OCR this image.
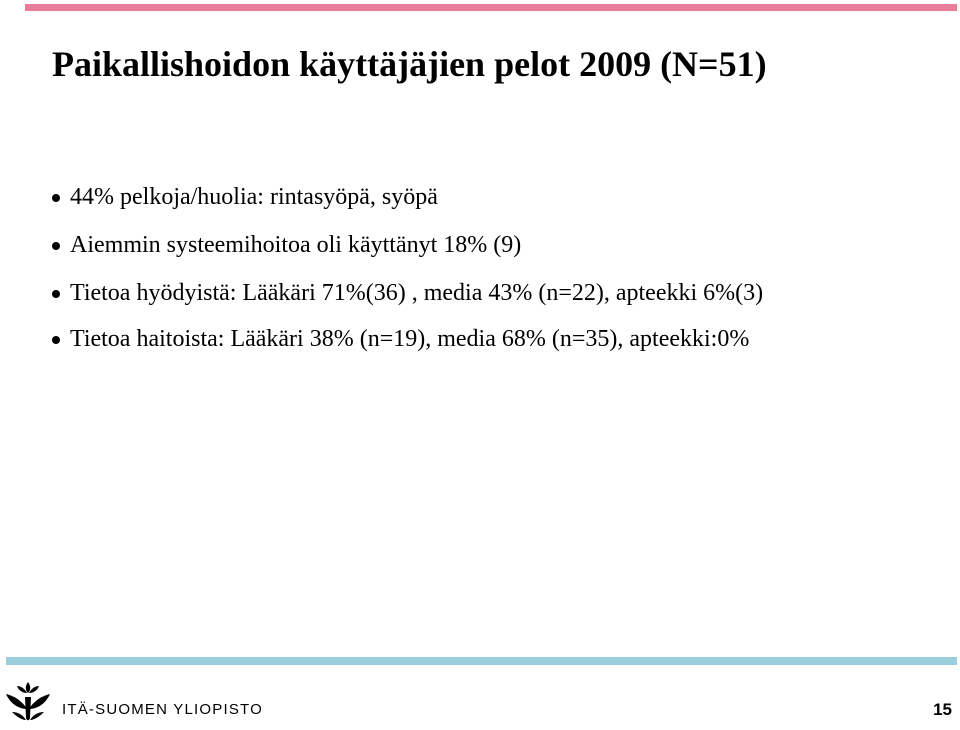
Paikallishoidon käyttäjäjien pelot 2009 (N=51)
44% pelkoja/huolia: rintasyöpä, syöpä
Aiemmin systeemihoitoa oli käyttänyt 18% (9)
Tietoa hyödyistä: Lääkäri 71%(36) , media 43% (n=22), apteekki 6%(3)
Tietoa haitoista: Lääkäri 38% (n=19), media 68% (n=35), apteekki:0%
ITÄ-SUOMEN YLIOPISTO	15
